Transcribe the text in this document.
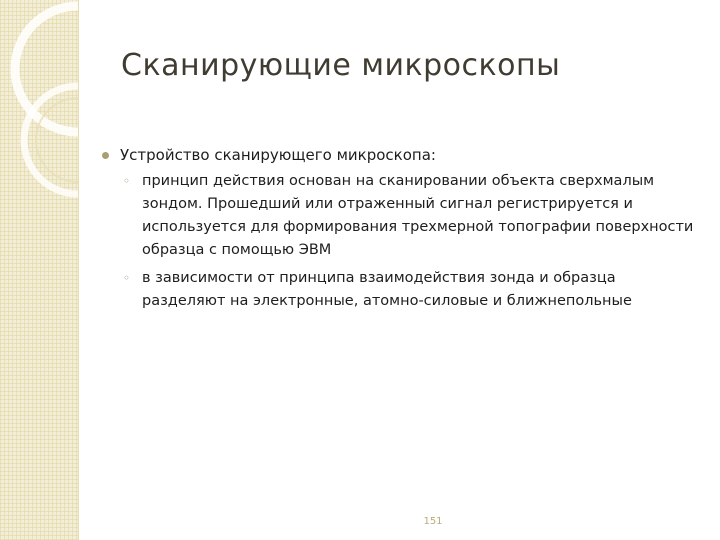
Сканирующие микроскопы
Устройство сканирующего микроскопа:
◦ принцип действия основан на сканировании объекта сверхмалым зондом. Прошедший или отраженный сигнал регистрируется и используется для формирования трехмерной топографии поверхности образца с помощью ЭВМ
◦ в зависимости от принципа взаимодействия зонда и образца разделяют на электронные, атомно-силовые и ближнепольные
151
